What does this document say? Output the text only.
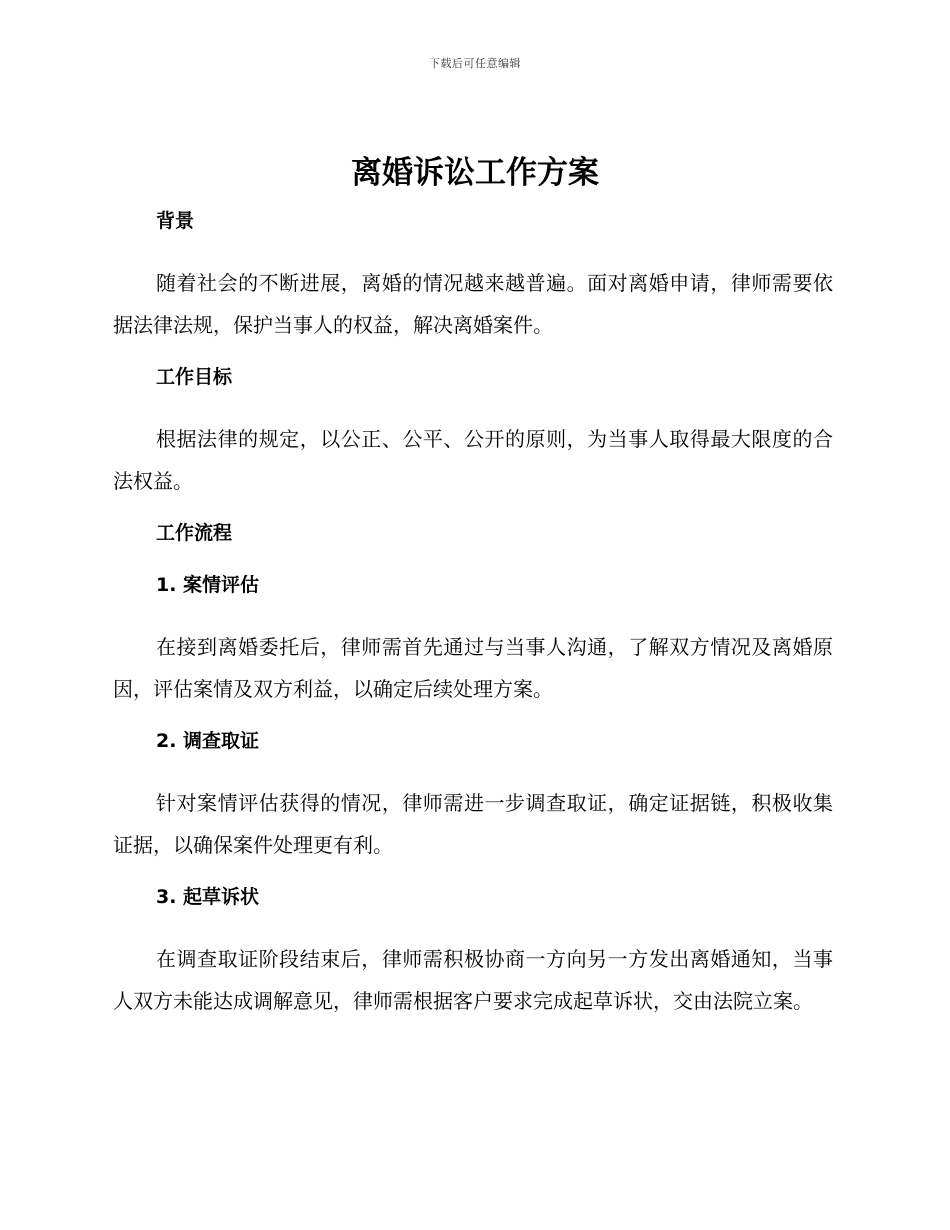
下载后可任意编辑
离婚诉讼工作方案
背景

随着社会的不断进展，离婚的情况越来越普遍。面对离婚申请，律师需要依据法律法规，保护当事人的权益，解决离婚案件。

工作目标

根据法律的规定，以公正、公平、公开的原则，为当事人取得最大限度的合法权益。

工作流程
1. 案情评估

在接到离婚委托后，律师需首先通过与当事人沟通，了解双方情况及离婚原因，评估案情及双方利益，以确定后续处理方案。

2. 调查取证

针对案情评估获得的情况，律师需进一步调查取证，确定证据链，积极收集证据，以确保案件处理更有利。

3. 起草诉状

在调查取证阶段结束后，律师需积极协商一方向另一方发出离婚通知，当事人双方未能达成调解意见，律师需根据客户要求完成起草诉状，交由法院立案。
